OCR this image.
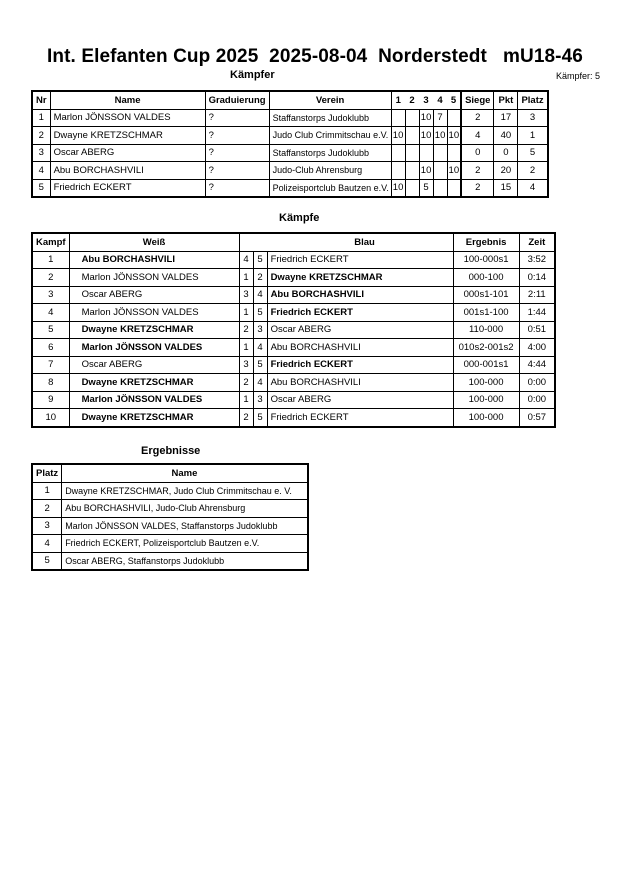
Int. Elefanten Cup 2025  2025-08-04  Norderstedt   mU18-46
Kämpfer	Kämpfer: 5
Nr	Name	Graduierung	Verein	1	2	3	4	5	Siege	Pkt	Platz
1	Marlon JÖNSSON VALDES	?	Staffanstorps Judoklubb			10	7		2	17	3
2	Dwayne KRETZSCHMAR	?	Judo Club Crimmitschau e.V.	10		10	10	10	4	40	1
3	Oscar ABERG	?	Staffanstorps Judoklubb						0	0	5
4	Abu BORCHASHVILI	?	Judo-Club Ahrensburg			10		10	2	20	2
5	Friedrich ECKERT	?	Polizeisportclub Bautzen e.V.	10		5			2	15	4
Kämpfe
Kampf	Weiß	Blau			Ergebnis	Zeit
1	Abu BORCHASHVILI	4	5	Friedrich ECKERT	100-000s1	3:52
2	Marlon JÖNSSON VALDES	1	2	Dwayne KRETZSCHMAR	000-100	0:14
3	Oscar ABERG	3	4	Abu BORCHASHVILI	000s1-101	2:11
4	Marlon JÖNSSON VALDES	1	5	Friedrich ECKERT	001s1-100	1:44
5	Dwayne KRETZSCHMAR	2	3	Oscar ABERG	110-000	0:51
6	Marlon JÖNSSON VALDES	1	4	Abu BORCHASHVILI	010s2-001s2	4:00
7	Oscar ABERG	3	5	Friedrich ECKERT	000-001s1	4:44
8	Dwayne KRETZSCHMAR	2	4	Abu BORCHASHVILI	100-000	0:00
9	Marlon JÖNSSON VALDES	1	3	Oscar ABERG	100-000	0:00
10	Dwayne KRETZSCHMAR	2	5	Friedrich ECKERT	100-000	0:57
Ergebnisse
Platz	Name
1	Dwayne KRETZSCHMAR, Judo Club Crimmitschau e. V.
2	Abu BORCHASHVILI, Judo-Club Ahrensburg
3	Marlon JÖNSSON VALDES, Staffanstorps Judoklubb
4	Friedrich ECKERT, Polizeisportclub Bautzen e.V.
5	Oscar ABERG, Staffanstorps Judoklubb
